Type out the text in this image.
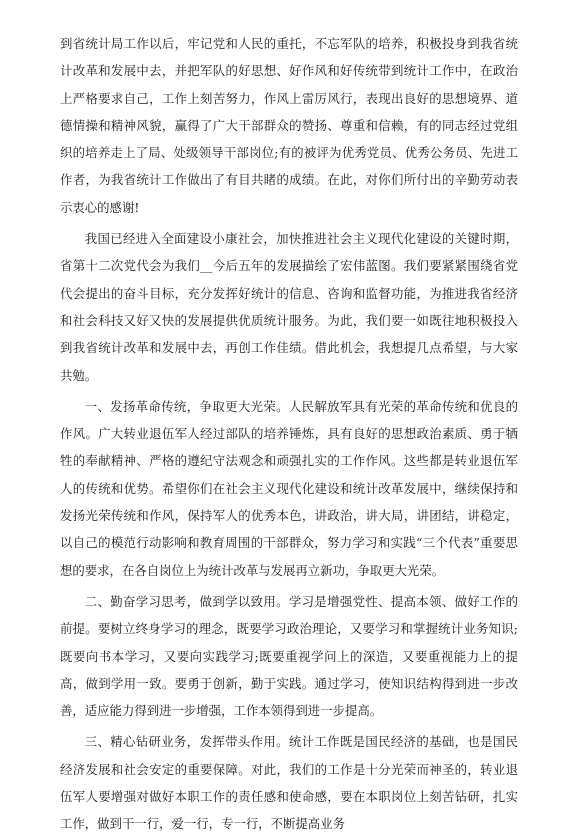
到省统计局工作以后，牢记党和人民的重托，不忘军队的培养，积极投身到我省统计改革和发展中去，并把军队的好思想、好作风和好传统带到统计工作中，在政治上严格要求自己，工作上刻苦努力，作风上雷厉风行，表现出良好的思想境界、道德情操和精神风貌，赢得了广大干部群众的赞扬、尊重和信赖，有的同志经过党组织的培养走上了局、处级领导干部岗位;有的被评为优秀党员、优秀公务员、先进工作者，为我省统计工作做出了有目共睹的成绩。在此，对你们所付出的辛勤劳动表示衷心的感谢!

我国已经进入全面建设小康社会，加快推进社会主义现代化建设的关键时期，省第十二次党代会为我们__今后五年的发展描绘了宏伟蓝图。我们要紧紧围绕省党代会提出的奋斗目标，充分发挥好统计的信息、咨询和监督功能，为推进我省经济和社会科技又好又快的发展提供优质统计服务。为此，我们要一如既往地积极投入到我省统计改革和发展中去，再创工作佳绩。借此机会，我想提几点希望，与大家共勉。

一、发扬革命传统，争取更大光荣。人民解放军具有光荣的革命传统和优良的作风。广大转业退伍军人经过部队的培养锤炼，具有良好的思想政治素质、勇于牺牲的奉献精神、严格的遵纪守法观念和顽强扎实的工作作风。这些都是转业退伍军人的传统和优势。希望你们在社会主义现代化建设和统计改革发展中，继续保持和发扬光荣传统和作风，保持军人的优秀本色，讲政治，讲大局，讲团结，讲稳定，以自己的模范行动影响和教育周围的干部群众，努力学习和实践“三个代表”重要思想的要求，在各自岗位上为统计改革与发展再立新功，争取更大光荣。

二、勤奋学习思考，做到学以致用。学习是增强党性、提高本领、做好工作的前提。要树立终身学习的理念，既要学习政治理论，又要学习和掌握统计业务知识;既要向书本学习，又要向实践学习;既要重视学问上的深造，又要重视能力上的提高，做到学用一致。要勇于创新，勤于实践。通过学习，使知识结构得到进一步改善，适应能力得到进一步增强，工作本领得到进一步提高。

三、精心钻研业务，发挥带头作用。统计工作既是国民经济的基础，也是国民经济发展和社会安定的重要保障。对此，我们的工作是十分光荣而神圣的，转业退伍军人要增强对做好本职工作的责任感和使命感，要在本职岗位上刻苦钻研，扎实工作，做到干一行，爱一行，专一行，不断提高业务
